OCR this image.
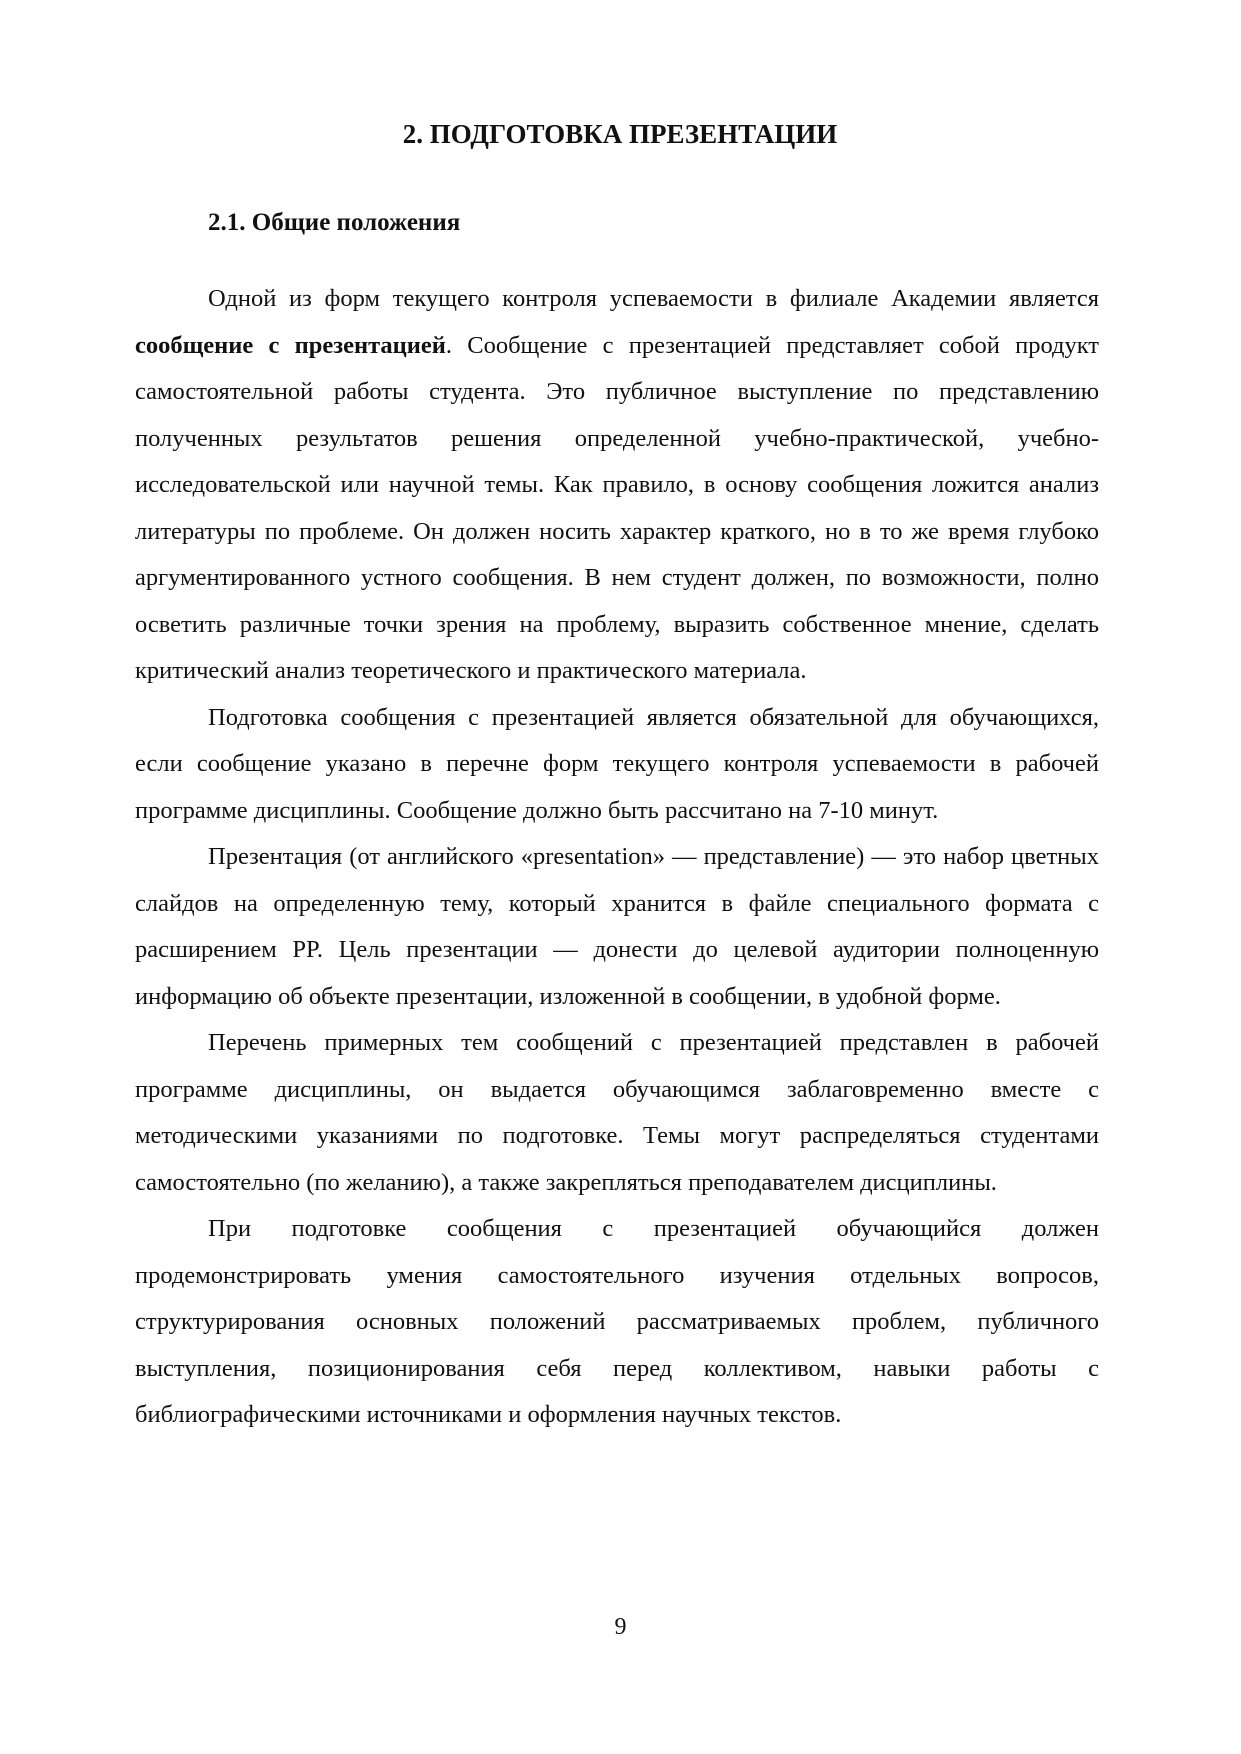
2. ПОДГОТОВКА ПРЕЗЕНТАЦИИ
2.1. Общие положения

Одной из форм текущего контроля успеваемости в филиале Академии является сообщение с презентацией. Сообщение с презентацией представляет собой продукт самостоятельной работы студента. Это публичное выступление по представлению полученных результатов решения определенной учебно-практической, учебно-исследовательской или научной темы. Как правило, в основу сообщения ложится анализ литературы по проблеме. Он должен носить характер краткого, но в то же время глубоко аргументированного устного сообщения. В нем студент должен, по возможности, полно осветить различные точки зрения на проблему, выразить собственное мнение, сделать критический анализ теоретического и практического материала.

Подготовка сообщения с презентацией является обязательной для обучающихся, если сообщение указано в перечне форм текущего контроля успеваемости в рабочей программе дисциплины. Сообщение должно быть рассчитано на 7-10 минут.

Презентация (от английского «presentation» — представление) — это набор цветных слайдов на определенную тему, который хранится в файле специального формата с расширением PP. Цель презентации — донести до целевой аудитории полноценную информацию об объекте презентации, изложенной в сообщении, в удобной форме.

Перечень примерных тем сообщений с презентацией представлен в рабочей программе дисциплины, он выдается обучающимся заблаговременно вместе с методическими указаниями по подготовке. Темы могут распределяться студентами самостоятельно (по желанию), а также закрепляться преподавателем дисциплины.

При подготовке сообщения с презентацией обучающийся должен продемонстрировать умения самостоятельного изучения отдельных вопросов, структурирования основных положений рассматриваемых проблем, публичного выступления, позиционирования себя перед коллективом, навыки работы с библиографическими источниками и оформления научных текстов.

9
